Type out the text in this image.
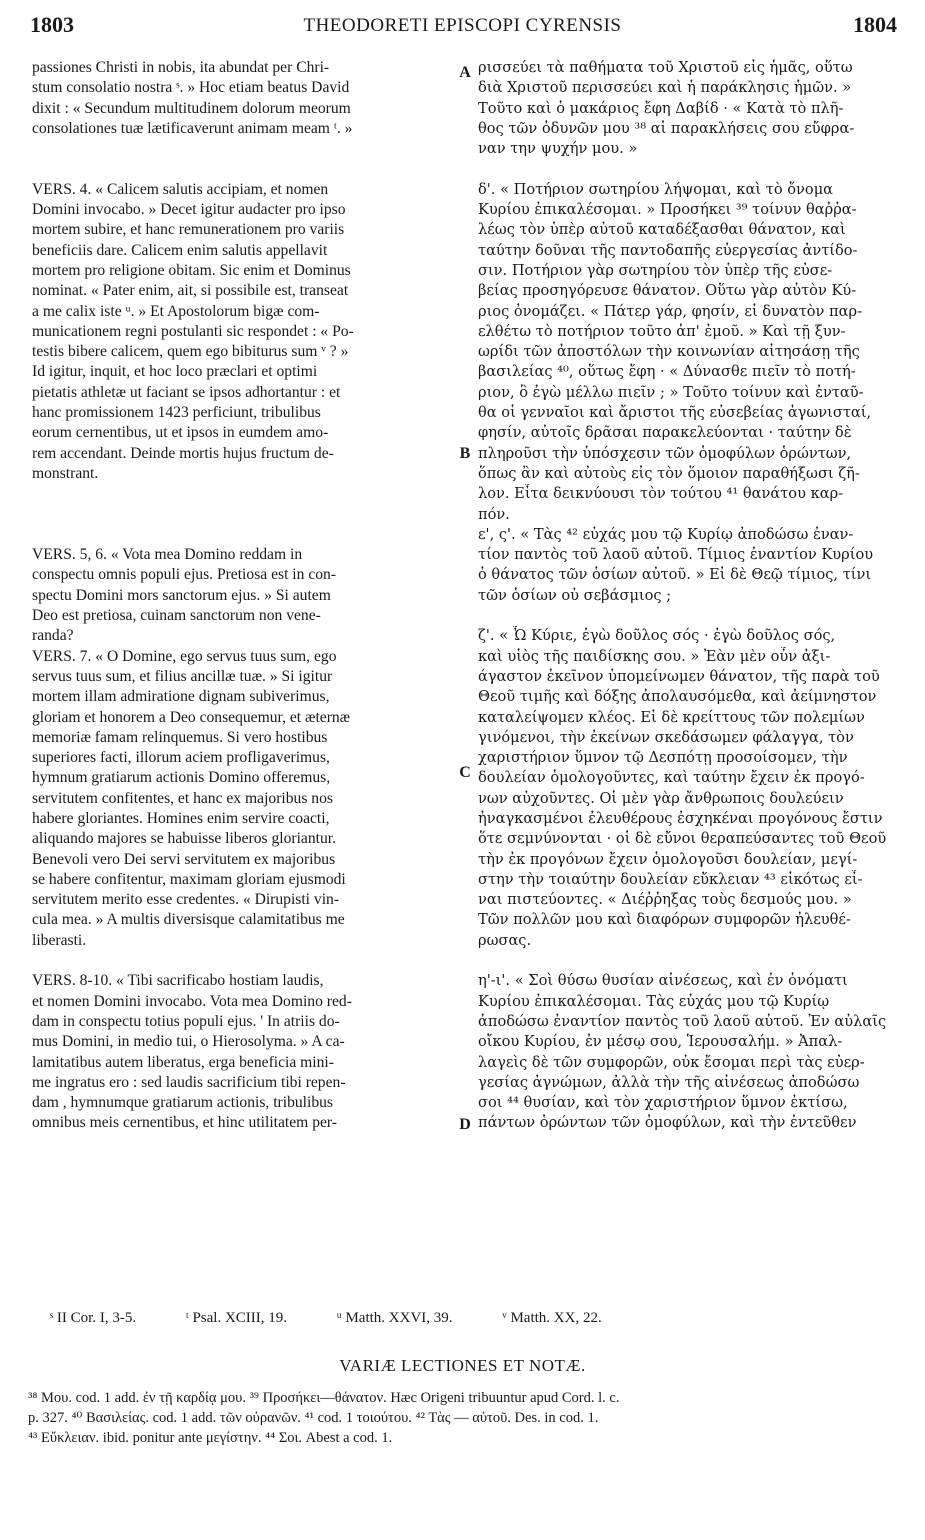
1803	THEODORETI EPISCOPI CYRENSIS	1804
passiones Christi in nobis, ita abundat per Chri-
stum consolatio nostra ˢ. » Hoc etiam beatus David
dixit : « Secundum multitudinem dolorum meorum
consolationes tuæ lætificaverunt animam meam ᵗ. »
VERS. 4. « Calicem salutis accipiam, et nomen
Domini invocabo. » Decet igitur audacter pro ipso
mortem subire, et hanc remunerationem pro variis
beneficiis dare. Calicem enim salutis appellavit
mortem pro religione obitam. Sic enim et Dominus
nominat. « Pater enim, ait, si possibile est, transeat
a me calix iste ᵘ. » Et Apostolorum bigæ com-
municationem regni postulanti sic respondet : « Po-
testis bibere calicem, quem ego bibiturus sum ᵛ ? »
Id igitur, inquit, et hoc loco præclari et optimi
pietatis athletæ ut faciant se ipsos adhortantur : et
hanc promissionem 1423 perficiunt, tribulibus
eorum cernentibus, ut et ipsos in eumdem amo-
rem accendant. Deinde mortis hujus fructum de-
monstrant.
VERS. 5, 6. « Vota mea Domino reddam in
conspectu omnis populi ejus. Pretiosa est in con-
spectu Domini mors sanctorum ejus. » Si autem
Deo est pretiosa, cuinam sanctorum non vene-
randa?
VERS. 7. « O Domine, ego servus tuus sum, ego
servus tuus sum, et filius ancillæ tuæ. » Si igitur
mortem illam admiratione dignam subiverimus,
gloriam et honorem a Deo consequemur, et æternæ
memoriæ famam relinquemus. Si vero hostibus
superiores facti, illorum aciem profligaverimus,
hymnum gratiarum actionis Domino offeremus,
servitutem confitentes, et hanc ex majoribus nos
habere gloriantes. Homines enim servire coacti,
aliquando majores se habuisse liberos gloriantur.
Benevoli vero Dei servi servitutem ex majoribus
se habere confitentur, maximam gloriam ejusmodi
servitutem merito esse credentes. « Dirupisti vin-
cula mea. » A multis diversisque calamitatibus me
liberasti.
VERS. 8-10. « Tibi sacrificabo hostiam laudis,
et nomen Domini invocabo. Vota mea Domino red-
dam in conspectu totius populi ejus. ' In atriis do-
mus Domini, in medio tui, o Hierosolyma. » A ca-
lamitatibus autem liberatus, erga beneficia mini-
me ingratus ero : sed laudis sacrificium tibi repen-
dam , hymnumque gratiarum actionis, tribulibus
omnibus meis cernentibus, et hinc utilitatem per-
A
B
C
D
ρισσεύει τὰ παθήματα τοῦ Χριστοῦ εἰς ἡμᾶς, οὕτω
διὰ Χριστοῦ περισσεύει καὶ ἡ παράκλησις ἡμῶν. »
Τοῦτο καὶ ὁ μακάριος ἔφη Δαβίδ · « Κατὰ τὸ πλῆ-
θος τῶν ὀδυνῶν μου ³⁸ αἱ παρακλήσεις σου εὔφρα-
ναν την ψυχήν μου. »
δ'. « Ποτήριον σωτηρίου λήψομαι, καὶ τὸ ὄνομα
Κυρίου ἐπικαλέσομαι. » Προσήκει ³⁹ τοίνυν θαῤῥα-
λέως τὸν ὑπὲρ αὐτοῦ καταδέξασθαι θάνατον, καὶ
ταύτην δοῦναι τῆς παντοδαπῆς εὐεργεσίας ἀντίδο-
σιν. Ποτήριον γὰρ σωτηρίου τὸν ὑπὲρ τῆς εὐσε-
βείας προσηγόρευσε θάνατον. Οὕτω γὰρ αὐτὸν Κύ-
ριος ὀνομάζει. « Πάτερ γάρ, φησίν, εἰ δυνατὸν παρ-
ελθέτω τὸ ποτήριον τοῦτο ἀπ' ἐμοῦ. » Καὶ τῇ ξυν-
ωρίδι τῶν ἀποστόλων τὴν κοινωνίαν αἰτησάσῃ τῆς
βασιλείας ⁴⁰, οὕτως ἔφη · « Δύνασθε πιεῖν τὸ ποτή-
ριον, ὃ ἐγὼ μέλλω πιεῖν ; » Τοῦτο τοίνυν καὶ ἐνταῦ-
θα οἱ γενναῖοι καὶ ἄριστοι τῆς εὐσεβείας ἀγωνισταί,
φησίν, αὐτοῖς δρᾶσαι παρακελεύονται · ταύτην δὲ
πληροῦσι τὴν ὑπόσχεσιν τῶν ὁμοφύλων ὁρώντων,
ὅπως ἂν καὶ αὐτοὺς εἰς τὸν ὅμοιον παραθήξωσι ζῆ-
λον. Εἶτα δεικνύουσι τὸν τούτου ⁴¹ θανάτου καρ-
πόν.
ε', ς'. « Τὰς ⁴² εὐχάς μου τῷ Κυρίῳ ἀποδώσω ἐναν-
τίον παντὸς τοῦ λαοῦ αὐτοῦ. Τίμιος ἐναντίον Κυρίου
ὁ θάνατος τῶν ὁσίων αὐτοῦ. » Εἰ δὲ Θεῷ τίμιος, τίνι
τῶν ὁσίων οὐ σεβάσμιος ;
ζ'. « Ὦ Κύριε, ἐγὼ δοῦλος σός · ἐγὼ δοῦλος σός,
καὶ υἱὸς τῆς παιδίσκης σου. » Ἐὰν μὲν οὖν ἀξι-
άγαστον ἐκεῖνον ὑπομείνωμεν θάνατον, τῆς παρὰ τοῦ
Θεοῦ τιμῆς καὶ δόξης ἀπολαυσόμεθα, καὶ ἀείμνηστον
καταλείψομεν κλέος. Εἰ δὲ κρείττους τῶν πολεμίων
γινόμενοι, τὴν ἐκείνων σκεδάσωμεν φάλαγγα, τὸν
χαριστήριον ὕμνον τῷ Δεσπότῃ προσοίσομεν, τὴν
δουλείαν ὁμολογοῦντες, καὶ ταύτην ἔχειν ἐκ προγό-
νων αὐχοῦντες. Οἱ μὲν γὰρ ἄνθρωποις δουλεύειν
ἠναγκασμένοι ἐλευθέρους ἐσχηκέναι προγόνους ἔστιν
ὅτε σεμνύνονται · οἱ δὲ εὔνοι θεραπεύσαντες τοῦ Θεοῦ
τὴν ἐκ προγόνων ἔχειν ὁμολογοῦσι δουλείαν, μεγί-
στην τὴν τοιαύτην δουλείαν εὔκλειαν ⁴³ εἰκότως εἶ-
ναι πιστεύοντες. « Διέῤῥηξας τοὺς δεσμούς μου. »
Τῶν πολλῶν μου καὶ διαφόρων συμφορῶν ἠλευθέ-
ρωσας.
η'-ι'. « Σοὶ θύσω θυσίαν αἰνέσεως, καὶ ἐν ὀνόματι
Κυρίου ἐπικαλέσομαι. Τὰς εὐχάς μου τῷ Κυρίῳ
ἀποδώσω ἐναντίον παντὸς τοῦ λαοῦ αὐτοῦ. Ἐν αὐλαῖς
οἴκου Κυρίου, ἐν μέσῳ σου, Ἱερουσαλήμ. » Ἀπαλ-
λαγεὶς δὲ τῶν συμφορῶν, οὐκ ἔσομαι περὶ τὰς εὐερ-
γεσίας ἀγνώμων, ἀλλὰ τὴν τῆς αἰνέσεως ἀποδώσω
σοι ⁴⁴ θυσίαν, καὶ τὸν χαριστήριον ὕμνον ἐκτίσω,
πάντων ὁρώντων τῶν ὁμοφύλων, καὶ τὴν ἐντεῦθεν
ˢ II Cor. I, 3-5.	ᵗ Psal. XCIII, 19.	ᵘ Matth. XXVI, 39.	ᵛ Matth. XX, 22.
VARIÆ LECTIONES ET NOTÆ.
³⁸ Μου. cod. 1 add. ἐν τῇ καρδίᾳ μου. ³⁹ Προσήκει—θάνατον. Hæc Origeni tribuuntur apud Cord. l. c.
p. 327. ⁴⁰ Βασιλείας. cod. 1 add. τῶν οὐρανῶν. ⁴¹ cod. 1 τοιούτου. ⁴² Τὰς — αὐτοῦ. Des. in cod. 1.
⁴³ Εὔκλειαν. ibid. ponitur ante μεγίστην. ⁴⁴ Σοι. Abest a cod. 1.
